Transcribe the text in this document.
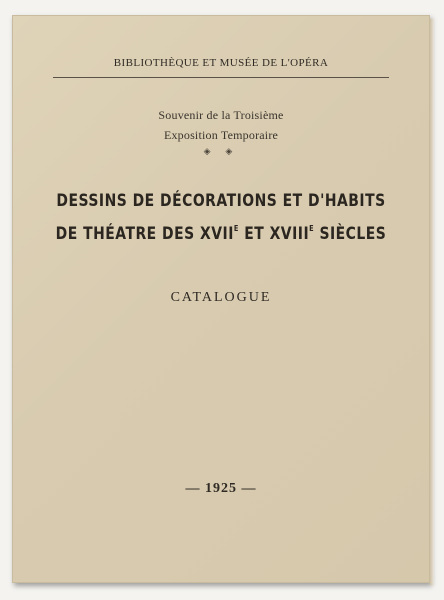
BIBLIOTHÈQUE ET MUSÉE DE L'OPÉRA
Souvenir de la Troisième
Exposition Temporaire
◈ ◈
DESSINS DE DÉCORATIONS ET D'HABITS
DE THÉATRE DES $XVII^E$ ET $XVIII^E$ SIÈCLES
CATALOGUE
— 1925 —
